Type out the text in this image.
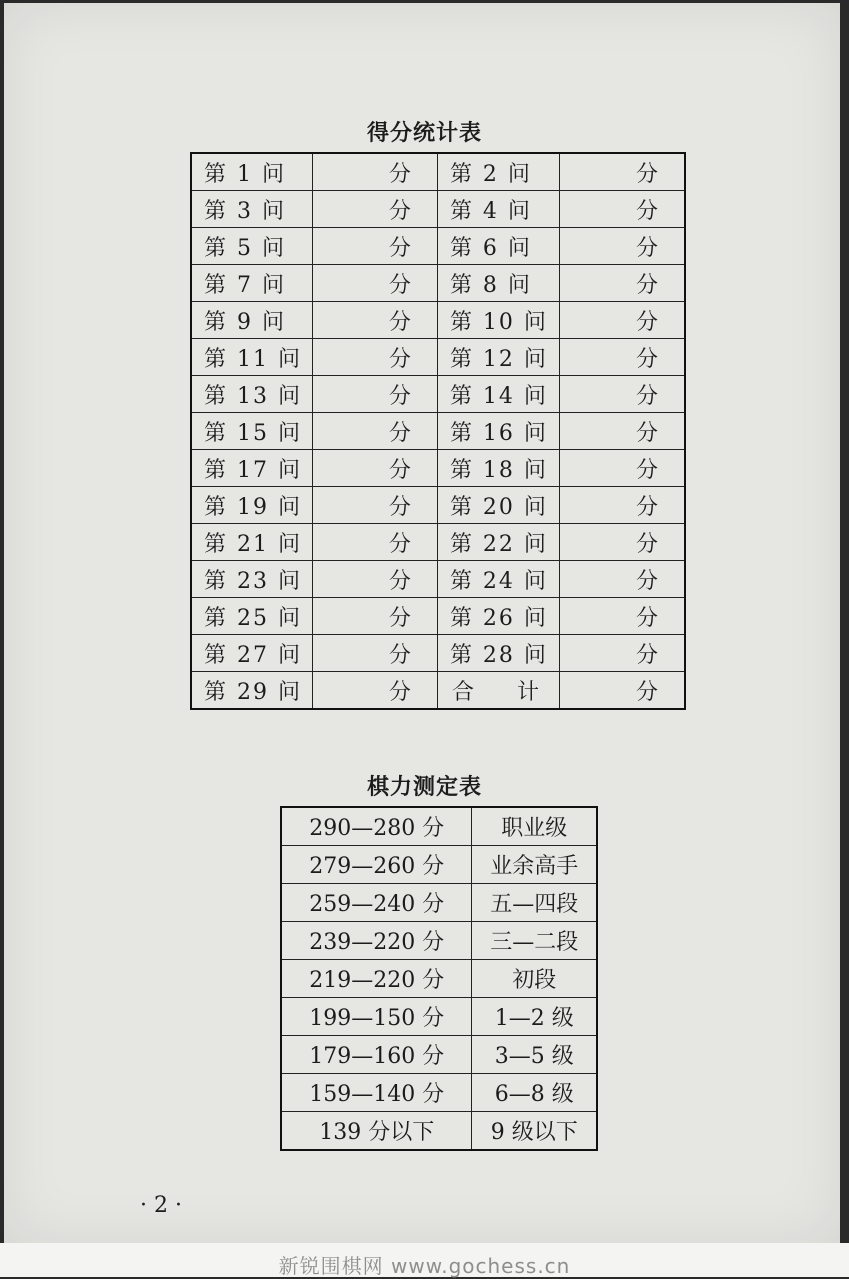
得分统计表
第 1 问	分	第 2 问	分
第 3 问	分	第 4 问	分
第 5 问	分	第 6 问	分
第 7 问	分	第 8 问	分
第 9 问	分	第 10 问	分
第 11 问	分	第 12 问	分
第 13 问	分	第 14 问	分
第 15 问	分	第 16 问	分
第 17 问	分	第 18 问	分
第 19 问	分	第 20 问	分
第 21 问	分	第 22 问	分
第 23 问	分	第 24 问	分
第 25 问	分	第 26 问	分
第 27 问	分	第 28 问	分
第 29 问	分	合 计	分
棋力测定表
290—280 分	职业级
279—260 分	业余高手
259—240 分	五—四段
239—220 分	三—二段
219—220 分	初段
199—150 分	1—2 级
179—160 分	3—5 级
159—140 分	6—8 级
139 分以下	9 级以下
· 2 ·
新锐围棋网 www.gochess.cn
